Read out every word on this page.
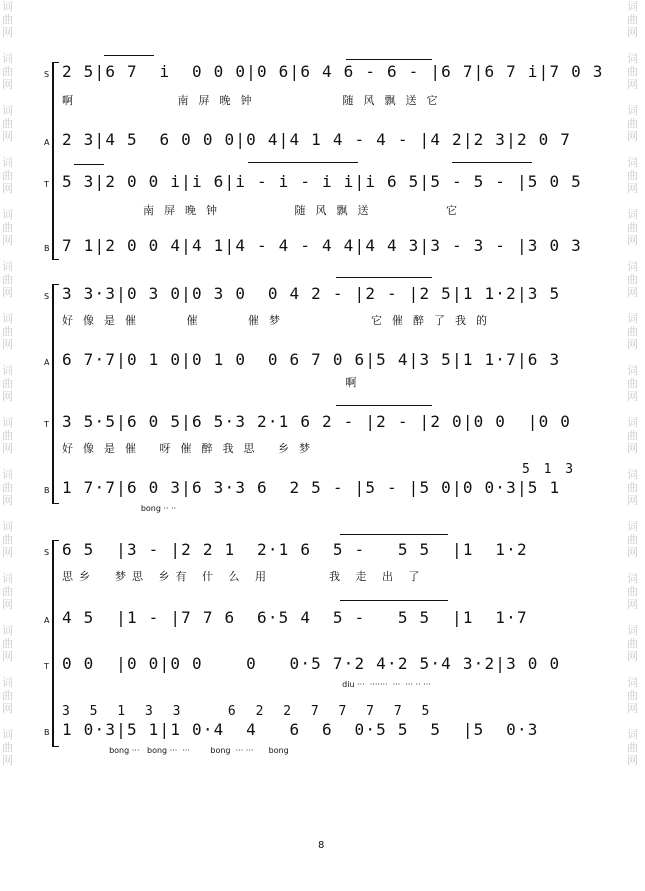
词
曲
网

词
曲
网

词
曲
网

词
曲
网

词
曲
网

词
曲
网

词
曲
网

词
曲
网

词
曲
网

词
曲
网

词
曲
网

词
曲
网

词
曲
网

词
曲
网

词
曲
网
词
曲
网

词
曲
网

词
曲
网

词
曲
网

词
曲
网

词
曲
网

词
曲
网

词
曲
网

词
曲
网

词
曲
网

词
曲
网

词
曲
网

词
曲
网

词
曲
网

词
曲
网
S 2 5|6 7  i  0 0 0|0 6|6 4 6 - 6 - |6 7|6 7 i|7 0 3
啊       南屏晚钟      随风飘送它
A 2 3|4 5  6 0 0 0|0 4|4 1 4 - 4 - |4 2|2 3|2 0 7
T 5 3|2 0 0 i|i 6|i - i - i i|i 6 5|5 - 5 - |5 0 5
南屏晚钟     随风飘送     它
B 7 1|2 0 0 4|4 1|4 - 4 - 4 4|4 4 3|3 - 3 - |3 0 3
S 3 3·3|0 3 0|0 3 0  0 4 2 - |2 - |2 5|1 1·2|3 5
好像是催   催   催梦      它催醉了我的
A 6 7·7|0 1 0|0 1 0  0 6 7 0 6|5 4|3 5|1 1·7|6 3
啊
T 3 5·5|6 0 5|6 5·3 2·1 6 2 - |2 - |2 0|0 0  |0 0
好像是催 呀催醉我思 乡梦
5 1 3
B 1 7·7|6 0 3|6 3·3 6  2 5 - |5 - |5 0|0 0·3|5 1
bong ·· ··
S 6 5  |3 - |2 2 1  2·1 6  5 -   5 5  |1  1·2
思乡  梦思 乡有 什 么 用      我 走 出 了
A 4 5  |1 - |7 7 6  6·5 4  5 -   5 5  |1  1·7
T 0 0  |0 0|0 0    0   0·5 7·2 4·2 5·4 3·2|3 0 0
diu ···  ·······  ···  ··· ·· ···
3 5 1 3 3   6 2 2 7 7 7 7 5
B 1 0·3|5 1|1 0·4  4   6  6  0·5 5  5  |5  0·3
bong ···   bong ···  ···        bong  ··· ···      bong
8
